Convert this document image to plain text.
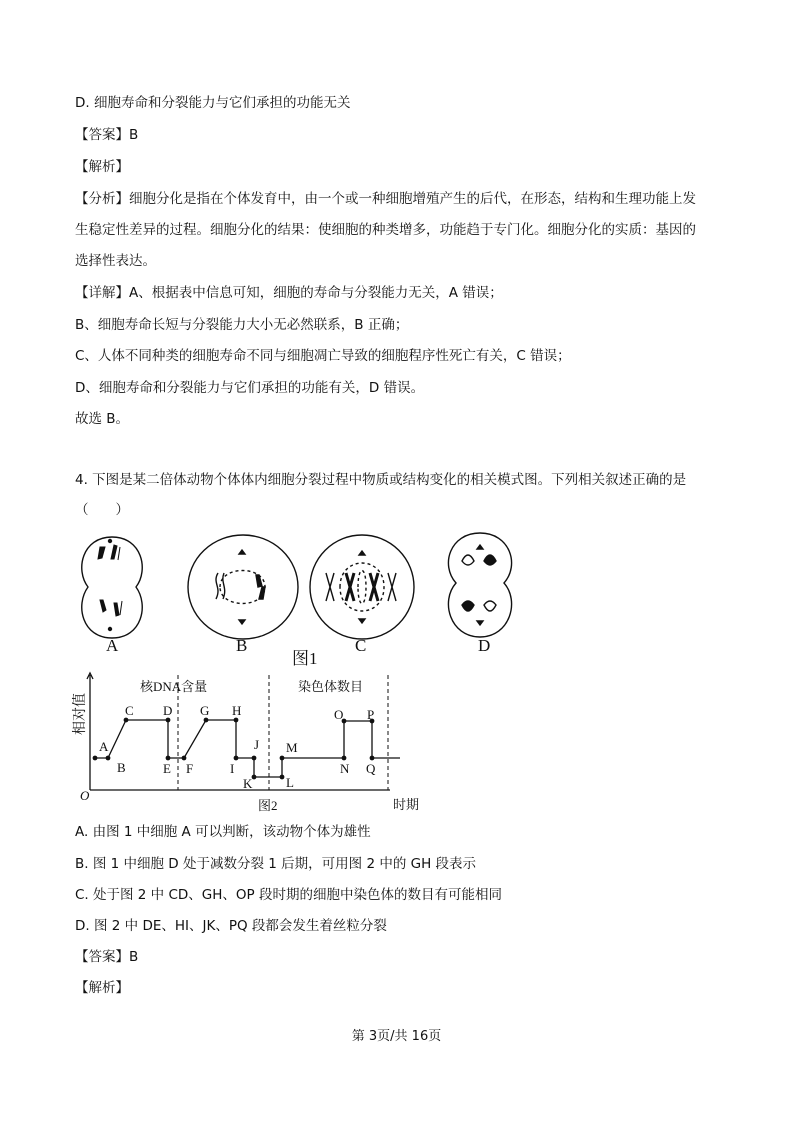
D. 细胞寿命和分裂能力与它们承担的功能无关
【答案】B
【解析】
【分析】细胞分化是指在个体发育中，由一个或一种细胞增殖产生的后代，在形态，结构和生理功能上发
生稳定性差异的过程。细胞分化的结果：使细胞的种类增多，功能趋于专门化。细胞分化的实质：基因的
选择性表达。
【详解】A、根据表中信息可知，细胞的寿命与分裂能力无关，A 错误；
B、细胞寿命长短与分裂能力大小无必然联系，B 正确；
C、人体不同种类的细胞寿命不同与细胞凋亡导致的细胞程序性死亡有关，C 错误；
D、细胞寿命和分裂能力与它们承担的功能有关，D 错误。
故选 B。
4. 下图是某二倍体动物个体体内细胞分裂过程中物质或结构变化的相关模式图。下列相关叙述正确的是
（　　）
A	B	C	D
图1
相对值
O
时期
图2
核DNA含量	染色体数目
A
B
C D
E F
G H
I
J
K	L
M
N
O P
Q
A. 由图 1 中细胞 A 可以判断，该动物个体为雄性
B. 图 1 中细胞 D 处于减数分裂 1 后期，可用图 2 中的 GH 段表示
C. 处于图 2 中 CD、GH、OP 段时期的细胞中染色体的数目有可能相同
D. 图 2 中 DE、HI、JK、PQ 段都会发生着丝粒分裂
【答案】B
【解析】
第 3页/共 16页
